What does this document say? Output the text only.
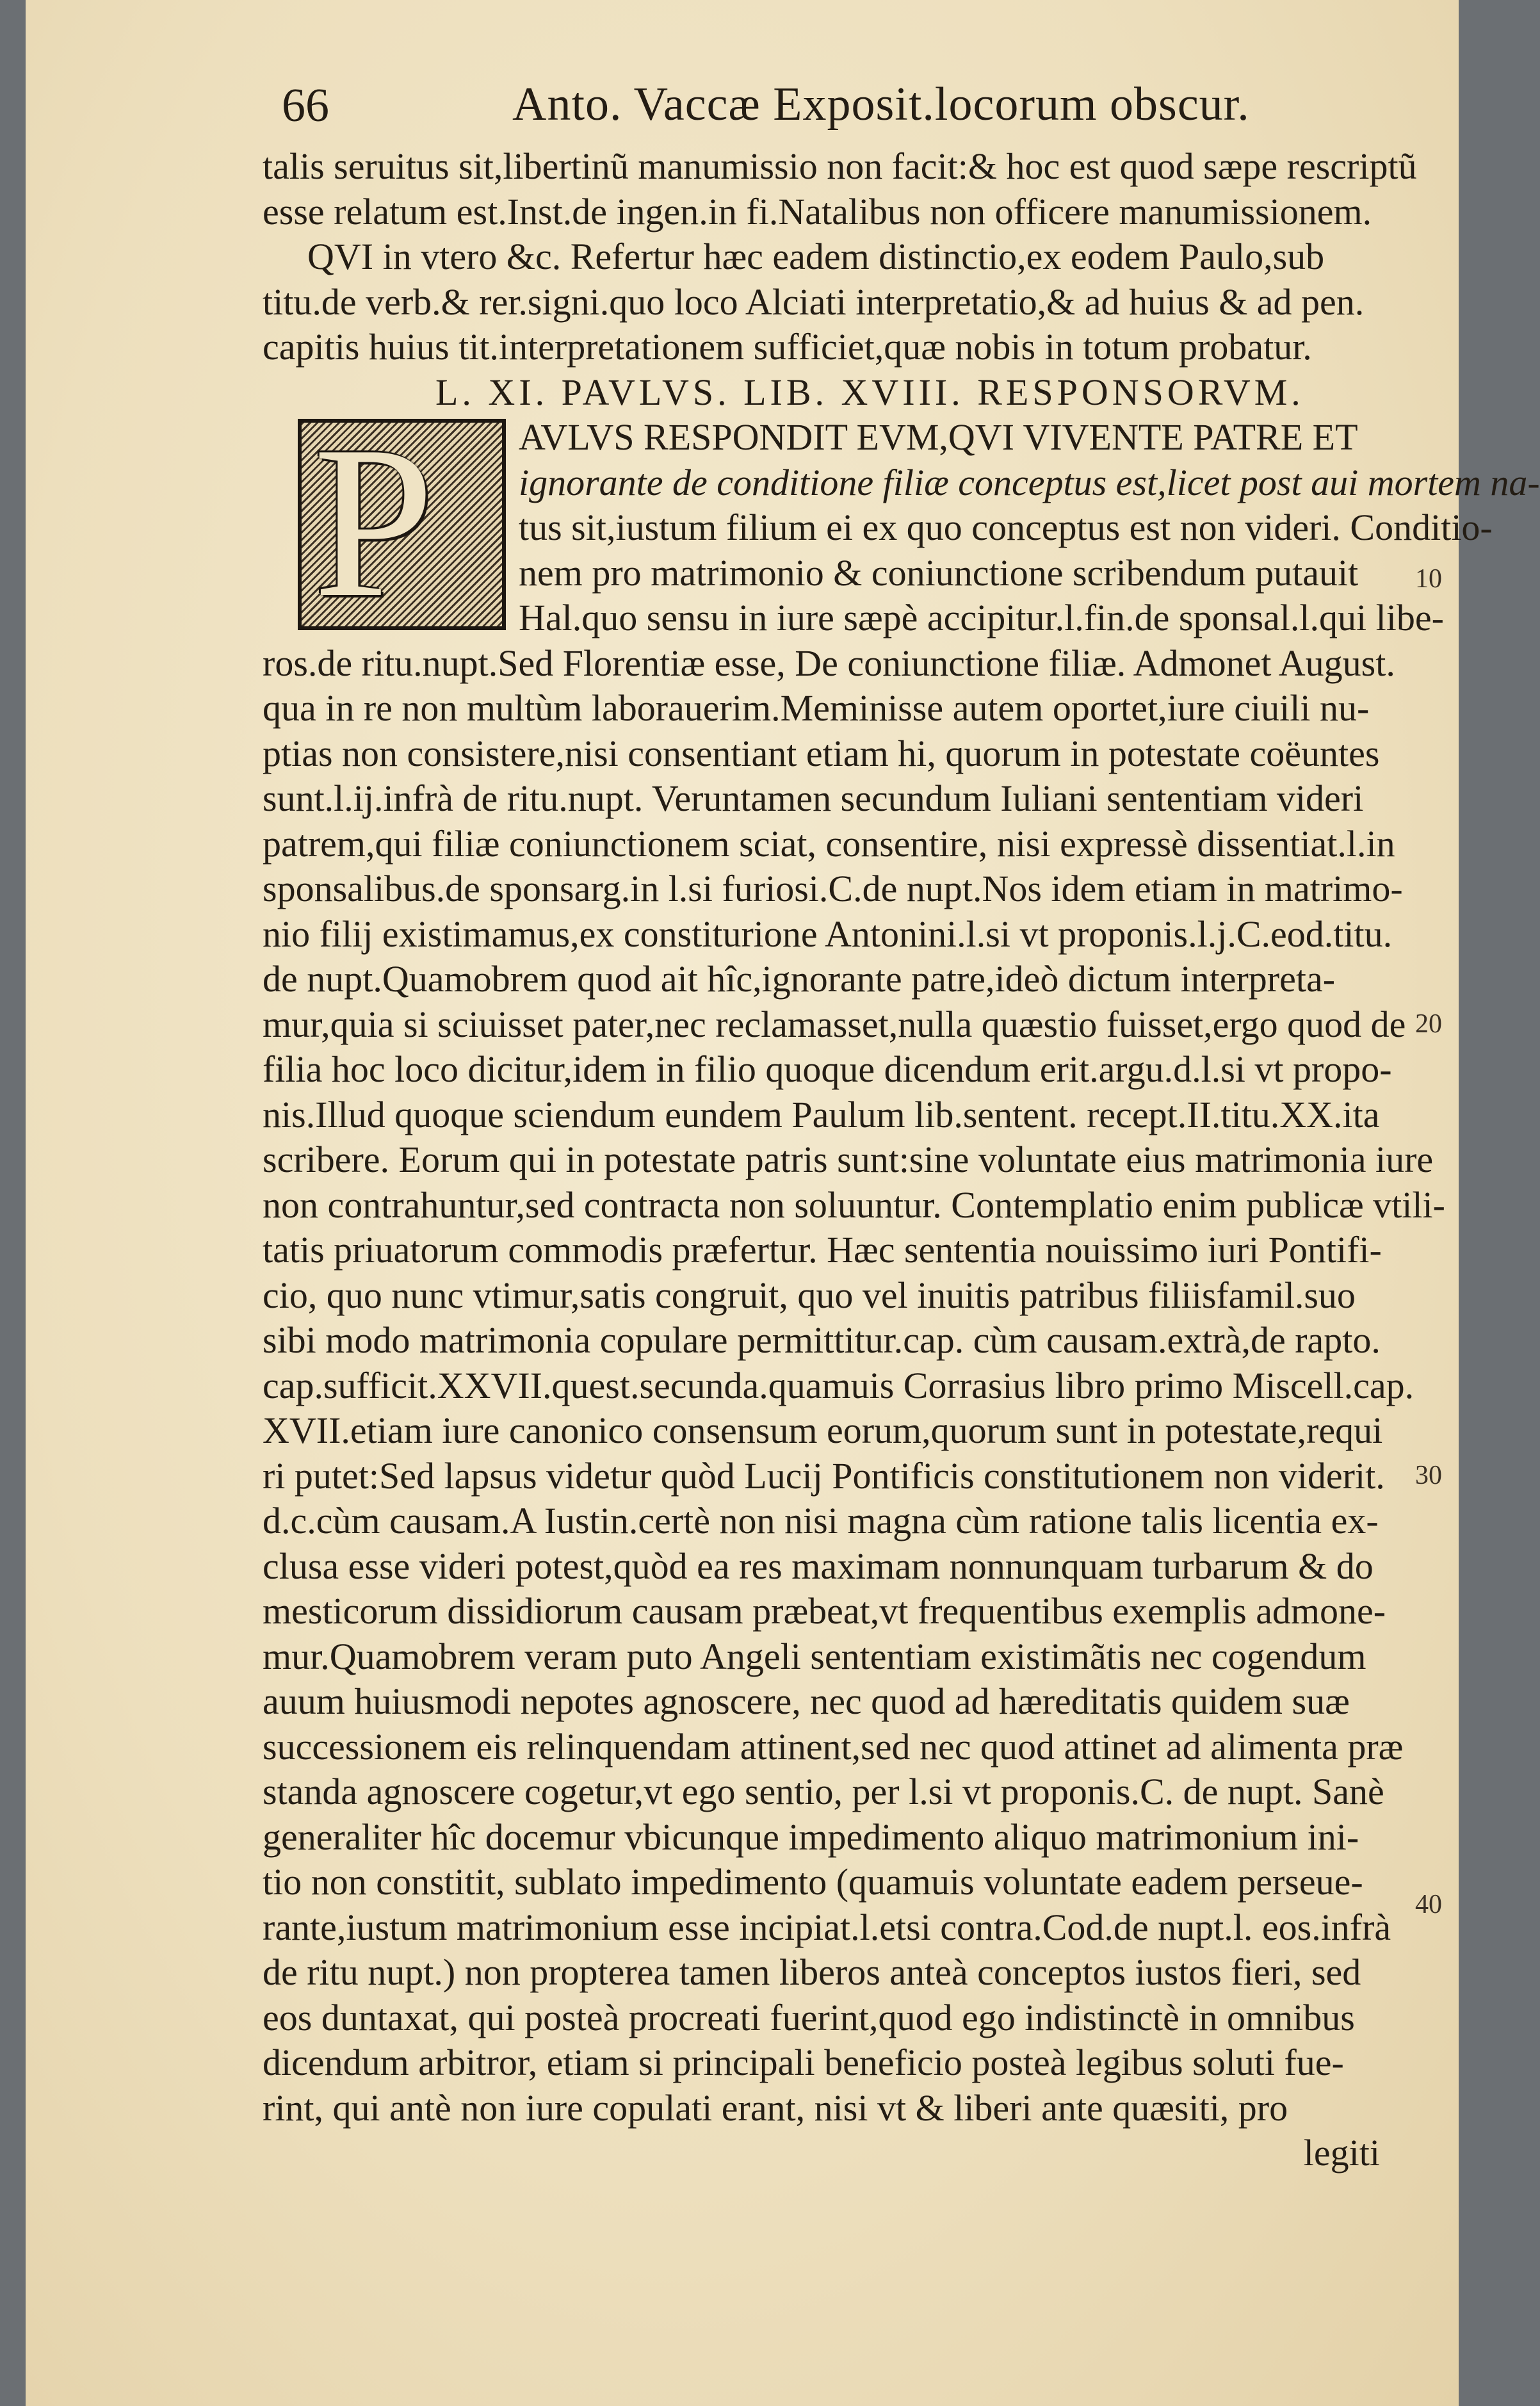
66	Anto. Vaccæ Exposit.locorum obscur.
talis seruitus sit,libertinũ manumissio non facit:& hoc est quod sæpe rescriptũ
esse relatum est.Inst.de ingen.in fi.Natalibus non officere manumissionem.
QVI in vtero &c. Refertur hæc eadem distinctio,ex eodem Paulo,sub
titu.de verb.& rer.signi.quo loco Alciati interpretatio,& ad huius & ad pen.
capitis huius tit.interpretationem sufficiet,quæ nobis in totum probatur.
L. XI. PAVLVS. LIB. XVIII. RESPONSORVM.
P	AVLVS RESPONDIT EVM,QVI VIVENTE PATRE ET
ignorante de conditione filiæ conceptus est,licet post aui mortem na-
tus sit,iustum filium ei ex quo conceptus est non videri. Conditio-
nem pro matrimonio & coniunctione scribendum putauit
Hal.quo sensu in iure sæpè accipitur.l.fin.de sponsal.l.qui libe-
ros.de ritu.nupt.Sed Florentiæ esse, De coniunctione filiæ. Admonet August.
qua in re non multùm laborauerim.Meminisse autem oportet,iure ciuili nu-
ptias non consistere,nisi consentiant etiam hi, quorum in potestate coëuntes
sunt.l.ij.infrà de ritu.nupt. Veruntamen secundum Iuliani sententiam videri
patrem,qui filiæ coniunctionem sciat, consentire, nisi expressè dissentiat.l.in
sponsalibus.de sponsarg.in l.si furiosi.C.de nupt.Nos idem etiam in matrimo-
nio filij existimamus,ex constiturione Antonini.l.si vt proponis.l.j.C.eod.titu.
de nupt.Quamobrem quod ait hîc,ignorante patre,ideò dictum interpreta-
mur,quia si sciuisset pater,nec reclamasset,nulla quæstio fuisset,ergo quod de
filia hoc loco dicitur,idem in filio quoque dicendum erit.argu.d.l.si vt propo-
nis.Illud quoque sciendum eundem Paulum lib.sentent. recept.II.titu.XX.ita
scribere. Eorum qui in potestate patris sunt:sine voluntate eius matrimonia iure
non contrahuntur,sed contracta non soluuntur. Contemplatio enim publicæ vtili-
tatis priuatorum commodis præfertur. Hæc sententia nouissimo iuri Pontifi-
cio, quo nunc vtimur,satis congruit, quo vel inuitis patribus filiisfamil.suo
sibi modo matrimonia copulare permittitur.cap. cùm causam.extrà,de rapto.
cap.sufficit.XXVII.quest.secunda.quamuis Corrasius libro primo Miscell.cap.
XVII.etiam iure canonico consensum eorum,quorum sunt in potestate,requi
ri putet:Sed lapsus videtur quòd Lucij Pontificis constitutionem non viderit.
d.c.cùm causam.A Iustin.certè non nisi magna cùm ratione talis licentia ex-
clusa esse videri potest,quòd ea res maximam nonnunquam turbarum & do
mesticorum dissidiorum causam præbeat,vt frequentibus exemplis admone-
mur.Quamobrem veram puto Angeli sententiam existimãtis nec cogendum
auum huiusmodi nepotes agnoscere, nec quod ad hæreditatis quidem suæ
successionem eis relinquendam attinent,sed nec quod attinet ad alimenta præ
standa agnoscere cogetur,vt ego sentio, per l.si vt proponis.C. de nupt. Sanè
generaliter hîc docemur vbicunque impedimento aliquo matrimonium ini-
tio non constitit, sublato impedimento (quamuis voluntate eadem perseue-
rante,iustum matrimonium esse incipiat.l.etsi contra.Cod.de nupt.l. eos.infrà
de ritu nupt.) non propterea tamen liberos anteà conceptos iustos fieri, sed
eos duntaxat, qui posteà procreati fuerint,quod ego indistinctè in omnibus
dicendum arbitror, etiam si principali beneficio posteà legibus soluti fue-
rint, qui antè non iure copulati erant, nisi vt & liberi ante quæsiti, pro
legiti
10
20
30
40
